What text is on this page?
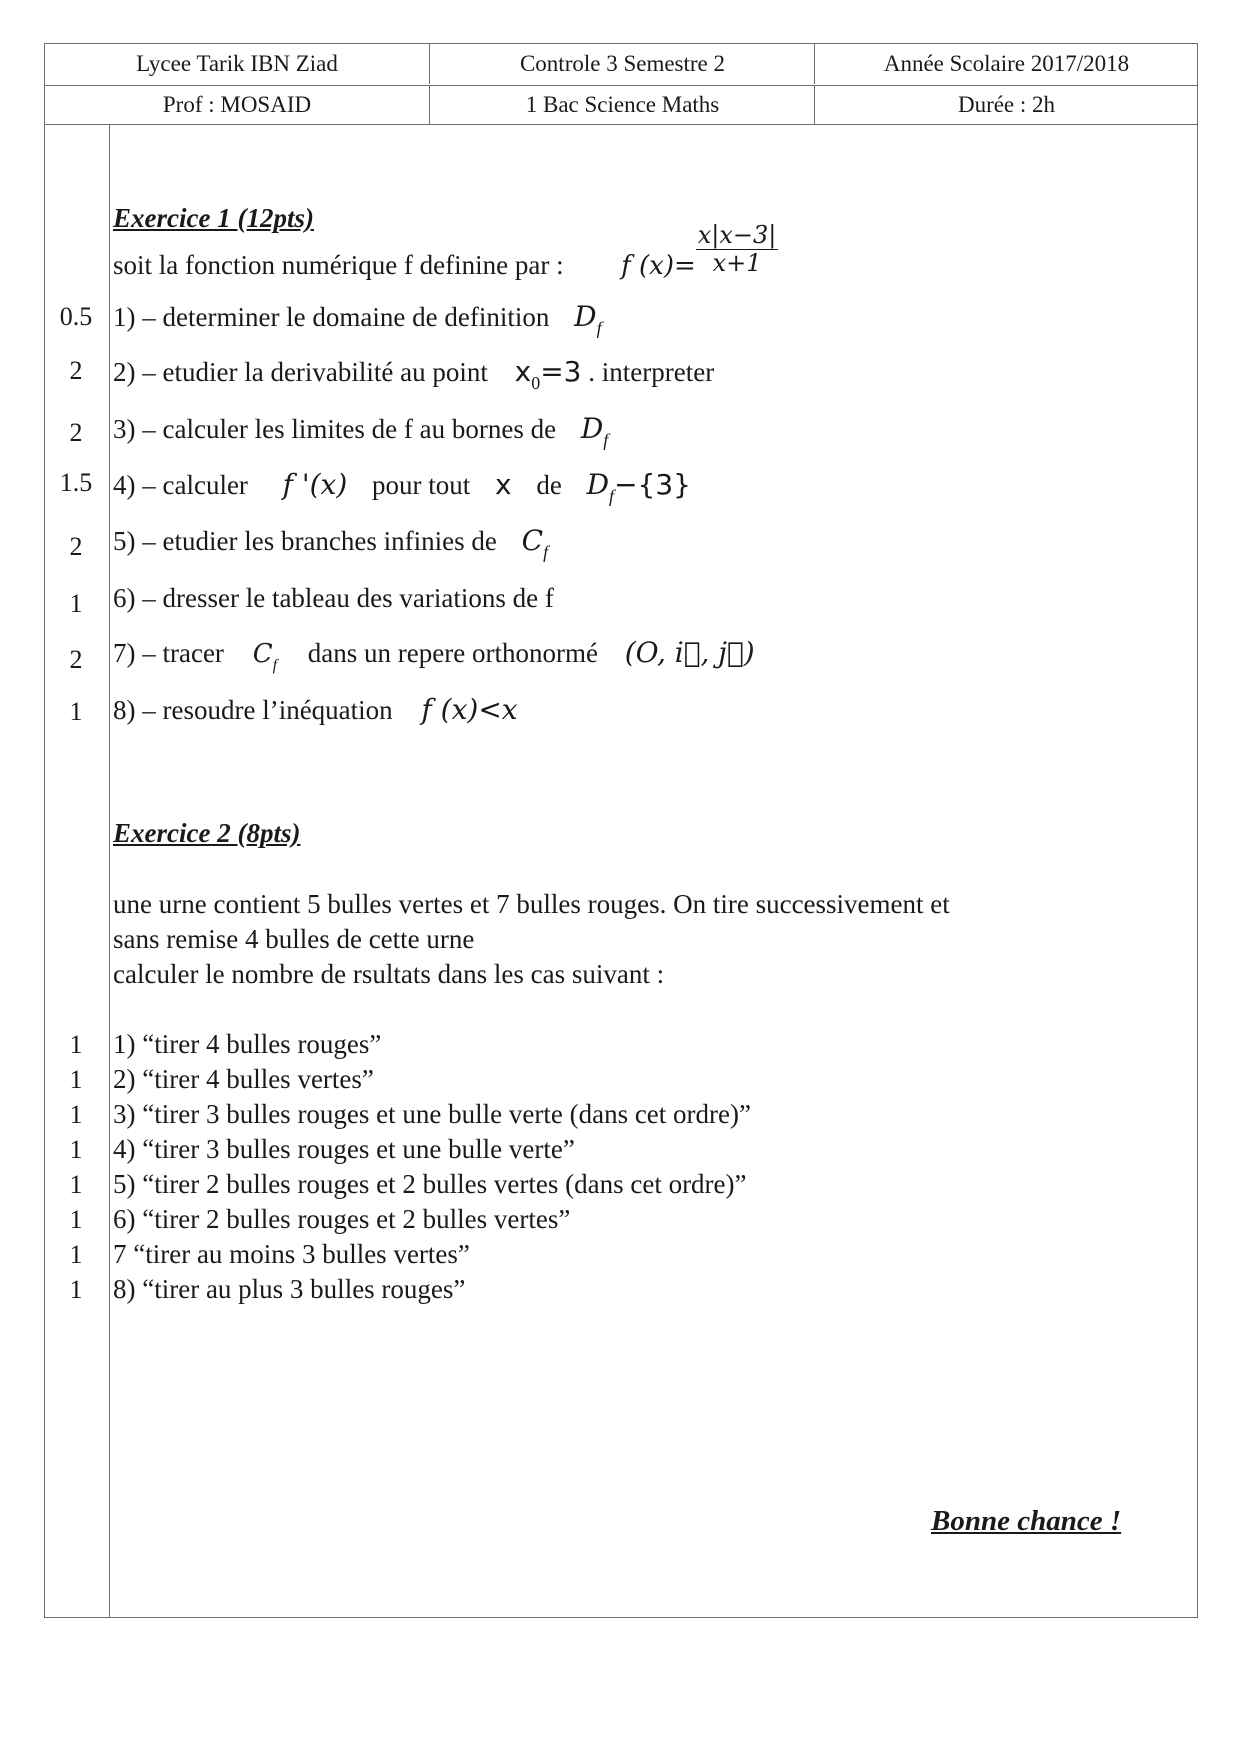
Lycee Tarik IBN Ziad	Controle 3 Semestre 2	Année Scolaire 2017/2018
Prof : MOSAID	1 Bac Science Maths	Durée : 2h
Exercice 1 (12pts)
soit la fonction numérique f definine par : f $(x)= \frac{x|x-3|}{x+1}$
0.5 1) – determiner le domaine de definition $D_f$
2	2) – etudier la derivabilité au point $x_0=3$ . interpreter
2	3) – calculer les limites de f au bornes de $D_f$
1.5 4) – calculer f '(x) pour tout x de $D_f-\{3\}$
2	5) – etudier les branches infinies de $C_f$
1	6) – dresser le tableau des variations de f
2	7) – tracer $C_f$ dans un repere orthonormé (O, i⃗, j⃗)
1	8) – resoudre l’inéquation f (x)<x
Exercice 2 (8pts)
une urne contient 5 bulles vertes et 7 bulles rouges. On tire successivement et
sans remise 4 bulles de cette urne
calculer le nombre de rsultats dans les cas suivant :
1	1) “tirer 4 bulles rouges”
1	2) “tirer 4 bulles vertes”
1	3) “tirer 3 bulles rouges et une bulle verte (dans cet ordre)”
1	4) “tirer 3 bulles rouges et une bulle verte”
1	5) “tirer 2 bulles rouges et 2 bulles vertes (dans cet ordre)”
1	6) “tirer 2 bulles rouges et 2 bulles vertes”
1	7 “tirer au moins 3 bulles vertes”
1	8) “tirer au plus 3 bulles rouges”
Bonne chance !
